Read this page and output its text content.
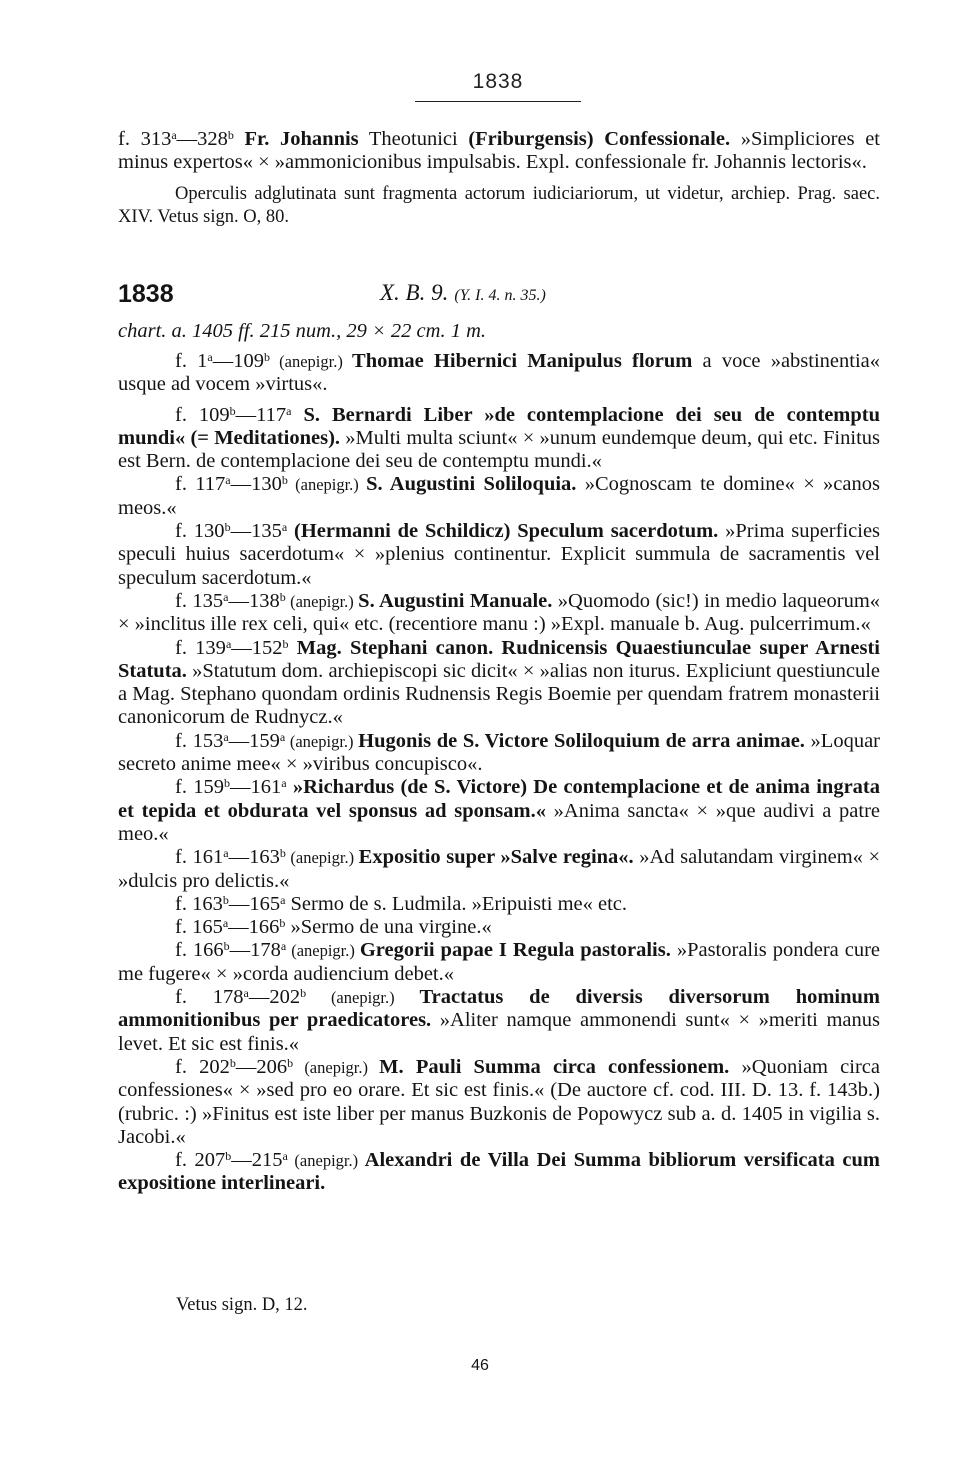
1838

f. 313$^a$—328$^b$ Fr. Johannis Theotunici (Friburgensis) Confessionale. »Simpliciores et minus expertos« × »ammonicionibus impulsabis. Expl. confessionale fr. Johannis lectoris«.

Operculis adglutinata sunt fragmenta actorum iudiciariorum, ut videtur, archiep. Prag. saec. XIV. Vetus sign. O, 80.

1838	X. B. 9. (Y. I. 4. n. 35.)
chart. a. 1405 ff. 215 num., 29 × 22 cm. 1 m.

f. 1$^a$—109$^b$ (anepigr.) Thomae Hibernici Manipulus florum a voce »abstinentia« usque ad vocem »virtus«.

f. 109$^b$—117$^a$ S. Bernardi Liber »de contemplacione dei seu de contemptu mundi« (= Meditationes). »Multi multa sciunt« × »unum eundemque deum, qui etc. Finitus est Bern. de contemplacione dei seu de contemptu mundi.«

f. 117$^a$—130$^b$ (anepigr.) S. Augustini Soliloquia. »Cognoscam te domine« × »canos meos.«

f. 130$^b$—135$^a$ (Hermanni de Schildicz) Speculum sacerdotum. »Prima superficies speculi huius sacerdotum« × »plenius continentur. Explicit summula de sacramentis vel speculum sacerdotum.«

f. 135$^a$—138$^b$ (anepigr.) S. Augustini Manuale. »Quomodo (sic!) in medio laqueorum« × »inclitus ille rex celi, qui« etc. (recentiore manu :) »Expl. manuale b. Aug. pulcerrimum.«

f. 139$^a$—152$^b$ Mag. Stephani canon. Rudnicensis Quaestiunculae super Arnesti Statuta. »Statutum dom. archiepiscopi sic dicit« × »alias non iturus. Expliciunt questiuncule a Mag. Stephano quondam ordinis Rudnensis Regis Boemie per quendam fratrem monasterii canonicorum de Rudnycz.«

f. 153$^a$—159$^a$ (anepigr.) Hugonis de S. Victore Soliloquium de arra animae. »Loquar secreto anime mee« × »viribus concupisco«.

f. 159$^b$—161$^a$ »Richardus (de S. Victore) De contemplacione et de anima ingrata et tepida et obdurata vel sponsus ad sponsam.« »Anima sancta« × »que audivi a patre meo.«

f. 161$^a$—163$^b$ (anepigr.) Expositio super »Salve regina«. »Ad salutandam virginem« × »dulcis pro delictis.«

f. 163$^b$—165$^a$ Sermo de s. Ludmila. »Eripuisti me« etc.

f. 165$^a$—166$^b$ »Sermo de una virgine.«

f. 166$^b$—178$^a$ (anepigr.) Gregorii papae I Regula pastoralis. »Pastoralis pondera cure me fugere« × »corda audiencium debet.«

f. 178$^a$—202$^b$ (anepigr.) Tractatus de diversis diversorum hominum ammonitionibus per praedicatores. »Aliter namque ammonendi sunt« × »meriti manus levet. Et sic est finis.«

f. 202$^b$—206$^b$ (anepigr.) M. Pauli Summa circa confessionem. »Quoniam circa confessiones« × »sed pro eo orare. Et sic est finis.« (De auctore cf. cod. III. D. 13. f. 143b.) (rubric. :) »Finitus est iste liber per manus Buzkonis de Popowycz sub a. d. 1405 in vigilia s. Jacobi.«

f. 207$^b$—215$^a$ (anepigr.) Alexandri de Villa Dei Summa bibliorum versificata cum expositione interlineari.

Vetus sign. D, 12.
46
